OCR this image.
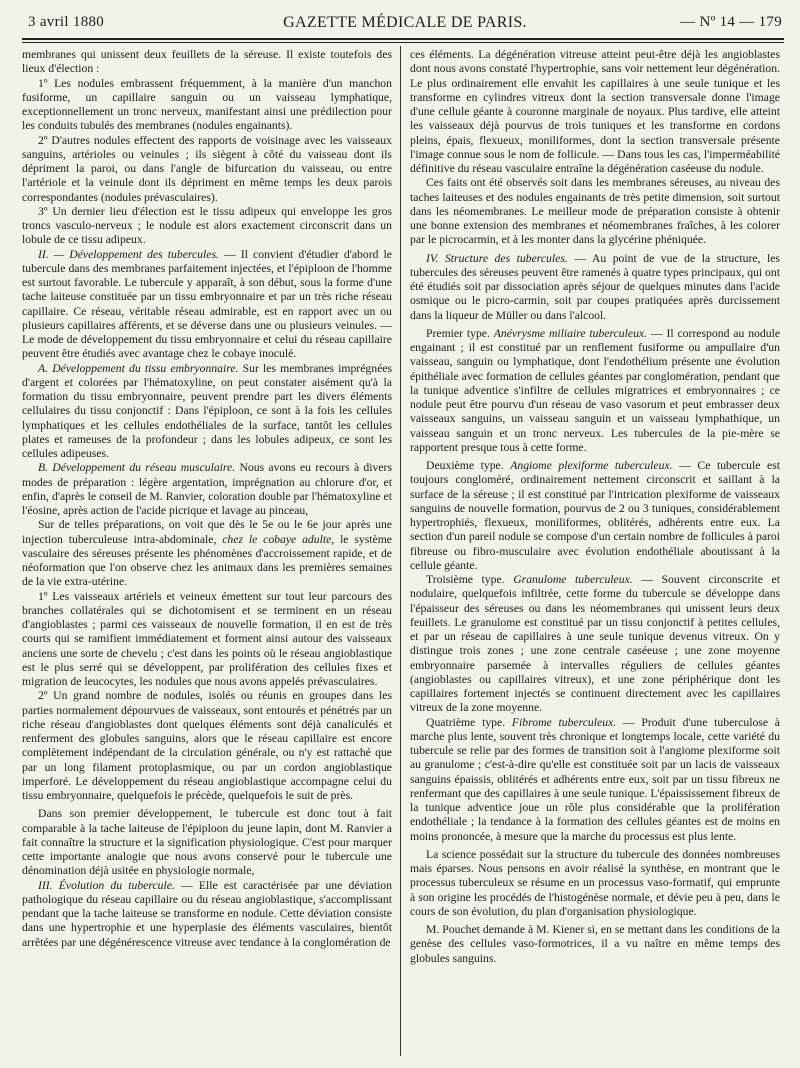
3 avril 1880	GAZETTE MÉDICALE DE PARIS.	— Nº 14 — 179

membranes qui unissent deux feuillets de la séreuse. Il existe toutefois des lieux d'élection :

1º Les nodules embrassent fréquemment, à la manière d'un manchon fusiforme, un capillaire sanguin ou un vaisseau lymphatique, exceptionnellement un tronc nerveux, manifestant ainsi une prédilection pour les conduits tubulés des membranes (nodules engainants).

2º D'autres nodules effectent des rapports de voisinage avec les vaisseaux sanguins, artérioles ou veinules ; ils siègent à côté du vaisseau dont ils dépriment la paroi, ou dans l'angle de bifurcation du vaisseau, ou entre l'artériole et la veinule dont ils dépriment en même temps les deux parois correspondantes (nodules prévasculaires).

3º Un dernier lieu d'élection est le tissu adipeux qui enveloppe les gros troncs vasculo-nerveux ; le nodule est alors exactement circonscrit dans un lobule de ce tissu adipeux.

II. — Développement des tubercules. — Il convient d'étudier d'abord le tubercule dans des membranes parfaitement injectées, et l'épiploon de l'homme est surtout favorable. Le tubercule y apparaît, à son début, sous la forme d'une tache laiteuse constituée par un tissu embryonnaire et par un très riche réseau capillaire. Ce réseau, véritable réseau admirable, est en rapport avec un ou plusieurs capillaires afférents, et se déverse dans une ou plusieurs veinules. — Le mode de développement du tissu embryonnaire et celui du réseau capillaire peuvent être étudiés avec avantage chez le cobaye inoculé.

A. Développement du tissu embryonnaire. Sur les membranes imprégnées d'argent et colorées par l'hématoxyline, on peut constater aisément qu'à la formation du tissu embryonnaire, peuvent prendre part les divers éléments cellulaires du tissu conjonctif : Dans l'épiploon, ce sont à la fois les cellules lymphatiques et les cellules endothéliales de la surface, tantôt les cellules plates et rameuses de la profondeur ; dans les lobules adipeux, ce sont les cellules adipeuses.

B. Développement du réseau musculaire. Nous avons eu recours à divers modes de préparation : légère argentation, imprégnation au chlorure d'or, et enfin, d'après le conseil de M. Ranvier, coloration double par l'hématoxyline et l'éosine, après action de l'acide picrique et lavage au pinceau,

Sur de telles préparations, on voit que dès le 5e ou le 6e jour après une injection tuberculeuse intra-abdominale, chez le cobaye adulte, le système vasculaire des séreuses présente les phénomènes d'accroissement rapide, et de néoformation que l'on observe chez les animaux dans les premières semaines de la vie extra-utérine.

1º Les vaisseaux artériels et veineux émettent sur tout leur parcours des branches collatérales qui se dichotomisent et se terminent en un réseau d'angioblastes ; parmi ces vaisseaux de nouvelle formation, il en est de très courts qui se ramifient immédiatement et forment ainsi autour des vaisseaux anciens une sorte de chevelu ; c'est dans les points où le réseau angioblastique est le plus serré qui se développent, par prolifération des cellules fixes et migration de leucocytes, les nodules que nous avons appelés prévasculaires.

2º Un grand nombre de nodules, isolés ou réunis en groupes dans les parties normalement dépourvues de vaisseaux, sont entourés et pénétrés par un riche réseau d'angioblastes dont quelques éléments sont déjà canaliculés et renferment des globules sanguins, alors que le réseau capillaire est encore complètement indépendant de la circulation générale, ou n'y est rattaché que par un long filament protoplasmique, ou par un cordon angioblastique imperforé. Le développement du réseau angioblastique accompagne celui du tissu embryonnaire, quelquefois le précède, quelquefois le suit de près.

Dans son premier développement, le tubercule est donc tout à fait comparable à la tache laiteuse de l'épiploon du jeune lapin, dont M. Ranvier a fait connaître la structure et la signification physiologique. C'est pour marquer cette importante analogie que nous avons conservé pour le tubercule une dénomination déjà usitée en physiologie normale,

III. Évolution du tubercule. — Elle est caractérisée par une déviation pathologique du réseau capillaire ou du réseau angioblastique, s'accomplissant pendant que la tache laiteuse se transforme en nodule. Cette déviation consiste dans une hypertrophie et une hyperplasie des éléments vasculaires, bientôt arrêtées par une dégénérescence vitreuse avec tendance à la conglomération de

ces éléments. La dégénération vitreuse atteint peut-être déjà les angioblastes dont nous avons constaté l'hypertrophie, sans voir nettement leur dégénération. Le plus ordinairement elle envahit les capillaires à une seule tunique et les transforme en cylindres vitreux dont la section transversale donne l'image d'une cellule géante à couronne marginale de noyaux. Plus tardive, elle atteint les vaisseaux déjà pourvus de trois tuniques et les transforme en cordons pleins, épais, flexueux, moniliformes, dont la section transversale présente l'image connue sous le nom de follicule. — Dans tous les cas, l'imperméabilité définitive du réseau vasculaire entraîne la dégénération caséeuse du nodule.

Ces faits ont été observés soit dans les membranes séreuses, au niveau des taches laiteuses et des nodules engainants de très petite dimension, soit surtout dans les néomembranes. Le meilleur mode de préparation consiste à obtenir une bonne extension des membranes et néomembranes fraîches, à les colorer par le picrocarmin, et à les monter dans la glycérine phéniquée.

IV. Structure des tubercules. — Au point de vue de la structure, les tubercules des séreuses peuvent être ramenés à quatre types principaux, qui ont été étudiés soit par dissociation après séjour de quelques minutes dans l'acide osmique ou le picro-carmin, soit par coupes pratiquées après durcissement dans la liqueur de Müller ou dans l'alcool.

Premier type. Anévrysme miliaire tuberculeux. — Il correspond au nodule engainant ; il est constitué par un renflement fusiforme ou ampullaire d'un vaisseau, sanguin ou lymphatique, dont l'endothélium présente une évolution épithéliale avec formation de cellules géantes par conglomération, pendant que la tunique adventice s'infiltre de cellules migratrices et embryonnaires ; ce nodule peut être pourvu d'un réseau de vaso vasorum et peut embrasser deux vaisseaux sanguins, un vaisseau sanguin et un vaisseau lymphathique, un vaisseau sanguin et un tronc nerveux. Les tubercules de la pie-mère se rapportent presque tous à cette forme.

Deuxième type. Angiome plexiforme tuberculeux. — Ce tubercule est toujours congloméré, ordinairement nettement circonscrit et saillant à la surface de la séreuse ; il est constitué par l'intrication plexiforme de vaisseaux sanguins de nouvelle formation, pourvus de 2 ou 3 tuniques, considérablement hypertrophiés, flexueux, moniliformes, oblitérés, adhérents entre eux. La section d'un pareil nodule se compose d'un certain nombre de follicules à paroi fibreuse ou fibro-musculaire avec évolution endothéliale aboutissant à la cellule géante.

Troisième type. Granulome tuberculeux. — Souvent circonscrite et nodulaire, quelquefois infiltrée, cette forme du tubercule se développe dans l'épaisseur des séreuses ou dans les néomembranes qui unissent leurs deux feuillets. Le granulome est constitué par un tissu conjonctif à petites cellules, et par un réseau de capillaires à une seule tunique devenus vitreux. On y distingue trois zones ; une zone centrale caséeuse ; une zone moyenne embryonnaire parsemée à intervalles réguliers de cellules géantes (angioblastes ou capillaires vitreux), et une zone périphérique dont les capillaires fortement injectés se continuent directement avec les capillaires vitreux de la zone moyenne.

Quatrième type. Fibrome tuberculeux. — Produit d'une tuberculose à marche plus lente, souvent très chronique et longtemps locale, cette variété du tubercule se relie par des formes de transition soit à l'angiome plexiforme soit au granulome ; c'est-à-dire qu'elle est constituée soit par un lacis de vaisseaux sanguins épaissis, oblitérés et adhérents entre eux, soit par un tissu fibreux ne renfermant que des capillaires à une seule tunique. L'épaississement fibreux de la tunique adventice joue un rôle plus considérable que la prolifération endothéliale ; la tendance à la formation des cellules géantes est de moins en moins prononcée, à mesure que la marche du processus est plus lente.

La science possédait sur la structure du tubercule des données nombreuses mais éparses. Nous pensons en avoir réalisé la synthèse, en montrant que le processus tuberculeux se résume en un processus vaso-formatif, qui emprunte à son origine les procédés de l'histogénèse normale, et dévie peu à peu, dans le cours de son évolution, du plan d'organisation physiologique.

M. Pouchet demande à M. Kiener si, en se mettant dans les conditions de la genèse des cellules vaso-formotrices, il a vu naître en même temps des globules sanguins.
